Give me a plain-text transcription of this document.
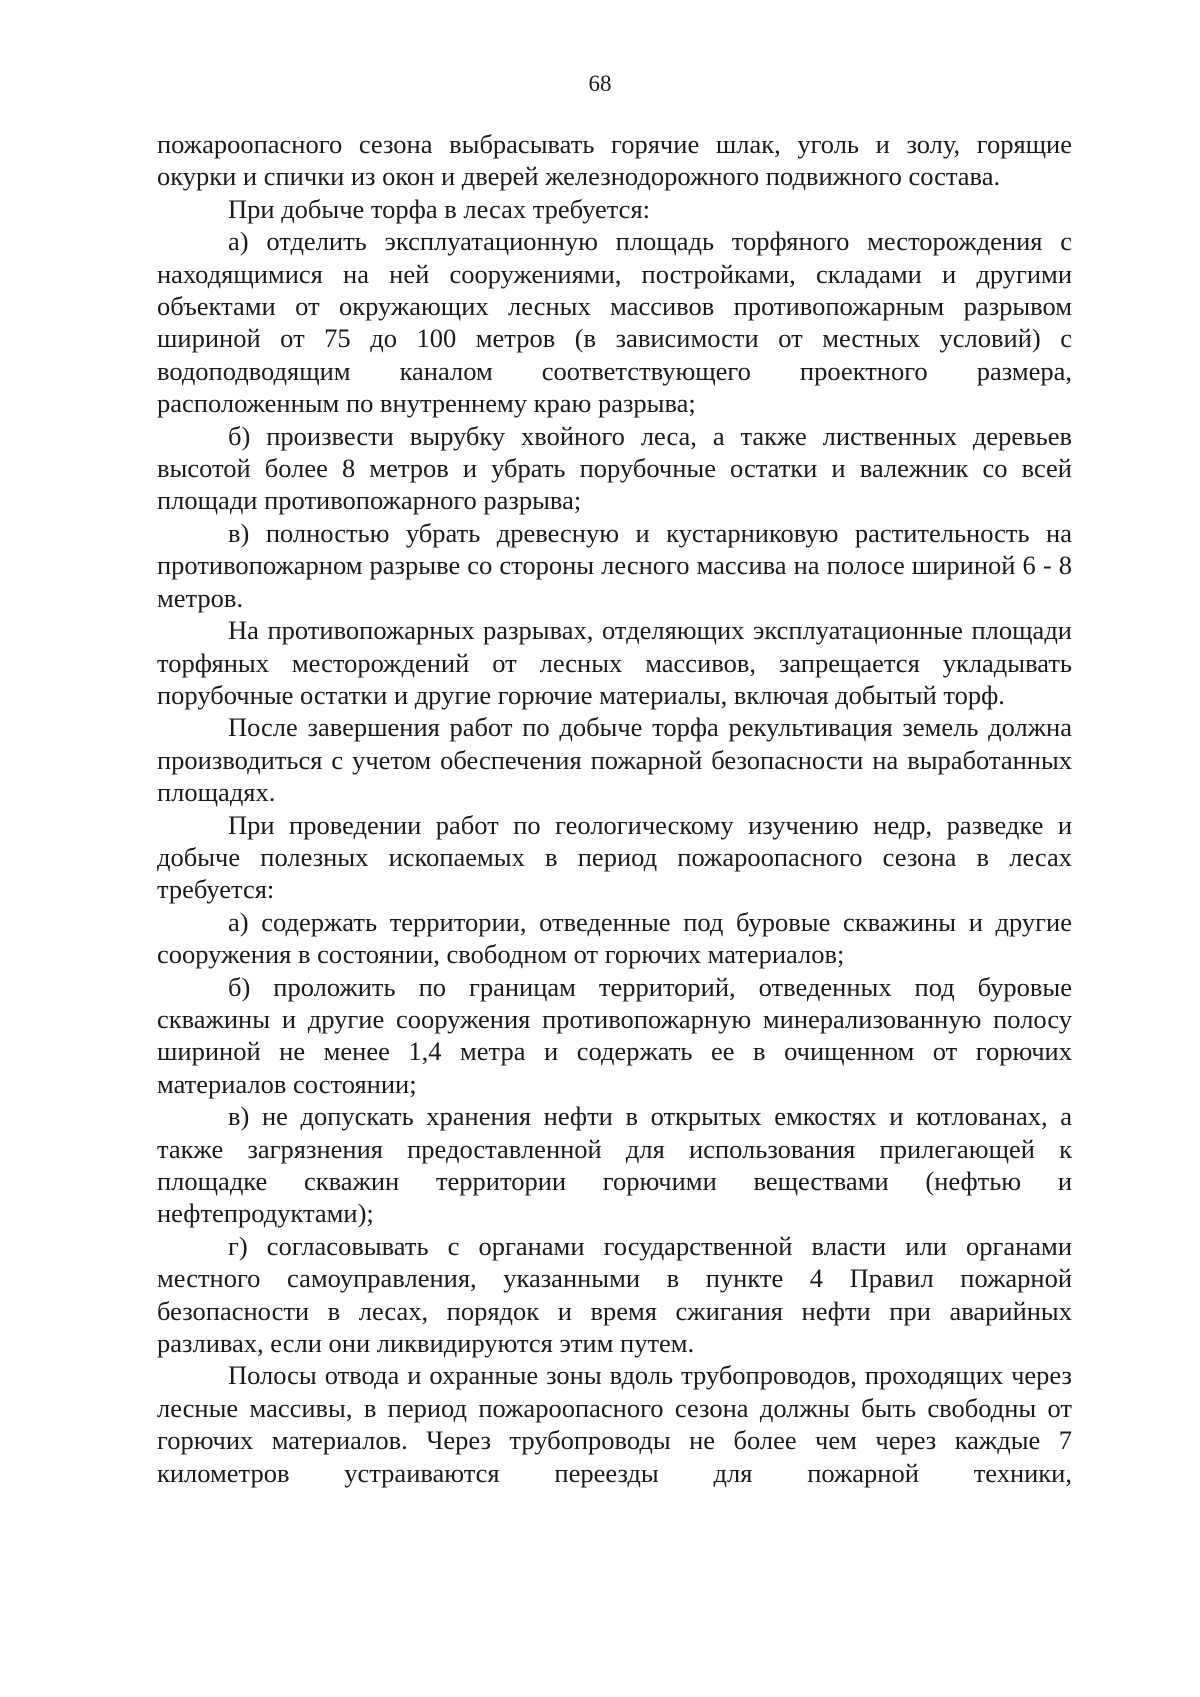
68

пожароопасного сезона выбрасывать горячие шлак, уголь и золу, горящие окурки и спички из окон и дверей железнодорожного подвижного состава.

При добыче торфа в лесах требуется:

а) отделить эксплуатационную площадь торфяного месторождения с находящимися на ней сооружениями, постройками, складами и другими объектами от окружающих лесных массивов противопожарным разрывом шириной от 75 до 100 метров (в зависимости от местных условий) с водоподводящим каналом соответствующего проектного размера, расположенным по внутреннему краю разрыва;

б) произвести вырубку хвойного леса, а также лиственных деревьев высотой более 8 метров и убрать порубочные остатки и валежник со всей площади противопожарного разрыва;

в) полностью убрать древесную и кустарниковую растительность на противопожарном разрыве со стороны лесного массива на полосе шириной 6 - 8 метров.

На противопожарных разрывах, отделяющих эксплуатационные площади торфяных месторождений от лесных массивов, запрещается укладывать порубочные остатки и другие горючие материалы, включая добытый торф.

После завершения работ по добыче торфа рекультивация земель должна производиться с учетом обеспечения пожарной безопасности на выработанных площадях.

При проведении работ по геологическому изучению недр, разведке и добыче полезных ископаемых в период пожароопасного сезона в лесах требуется:

а) содержать территории, отведенные под буровые скважины и другие сооружения в состоянии, свободном от горючих материалов;

б) проложить по границам территорий, отведенных под буровые скважины и другие сооружения противопожарную минерализованную полосу шириной не менее 1,4 метра и содержать ее в очищенном от горючих материалов состоянии;

в) не допускать хранения нефти в открытых емкостях и котлованах, а также загрязнения предоставленной для использования прилегающей к площадке скважин территории горючими веществами (нефтью и нефтепродуктами);

г) согласовывать с органами государственной власти или органами местного самоуправления, указанными в пункте 4 Правил пожарной безопасности в лесах, порядок и время сжигания нефти при аварийных разливах, если они ликвидируются этим путем.

Полосы отвода и охранные зоны вдоль трубопроводов, проходящих через лесные массивы, в период пожароопасного сезона должны быть свободны от горючих материалов. Через трубопроводы не более чем через каждые 7 километров устраиваются переезды для пожарной техники,
